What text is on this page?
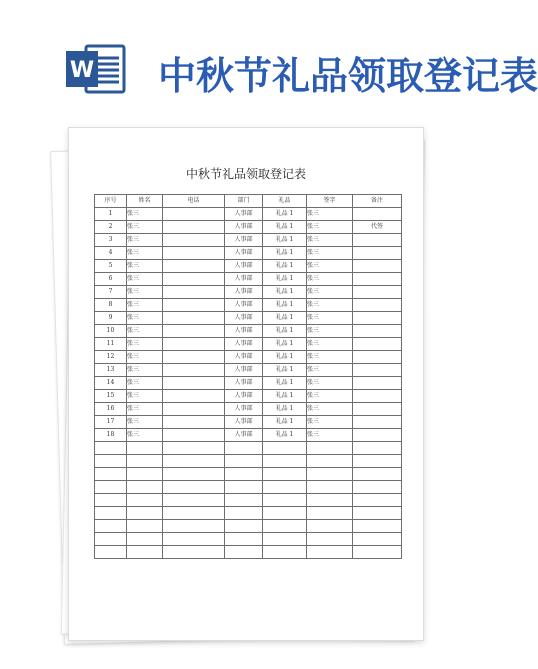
W 中秋节礼品领取登记表
中秋节礼品领取登记表
序号	姓名	电话	部门	礼品	签字	备注
1	张三		人事部	礼品 1	张三	
2	张三		人事部	礼品 1	张三	代签
3	张三		人事部	礼品 1	张三	
4	张三		人事部	礼品 1	张三	
5	张三		人事部	礼品 1	张三	
6	张三		人事部	礼品 1	张三	
7	张三		人事部	礼品 1	张三	
8	张三		人事部	礼品 1	张三	
9	张三		人事部	礼品 1	张三	
10	张三		人事部	礼品 1	张三	
11	张三		人事部	礼品 1	张三	
12	张三		人事部	礼品 1	张三	
13	张三		人事部	礼品 1	张三	
14	张三		人事部	礼品 1	张三	
15	张三		人事部	礼品 1	张三	
16	张三		人事部	礼品 1	张三	
17	张三		人事部	礼品 1	张三	
18	张三		人事部	礼品 1	张三	
